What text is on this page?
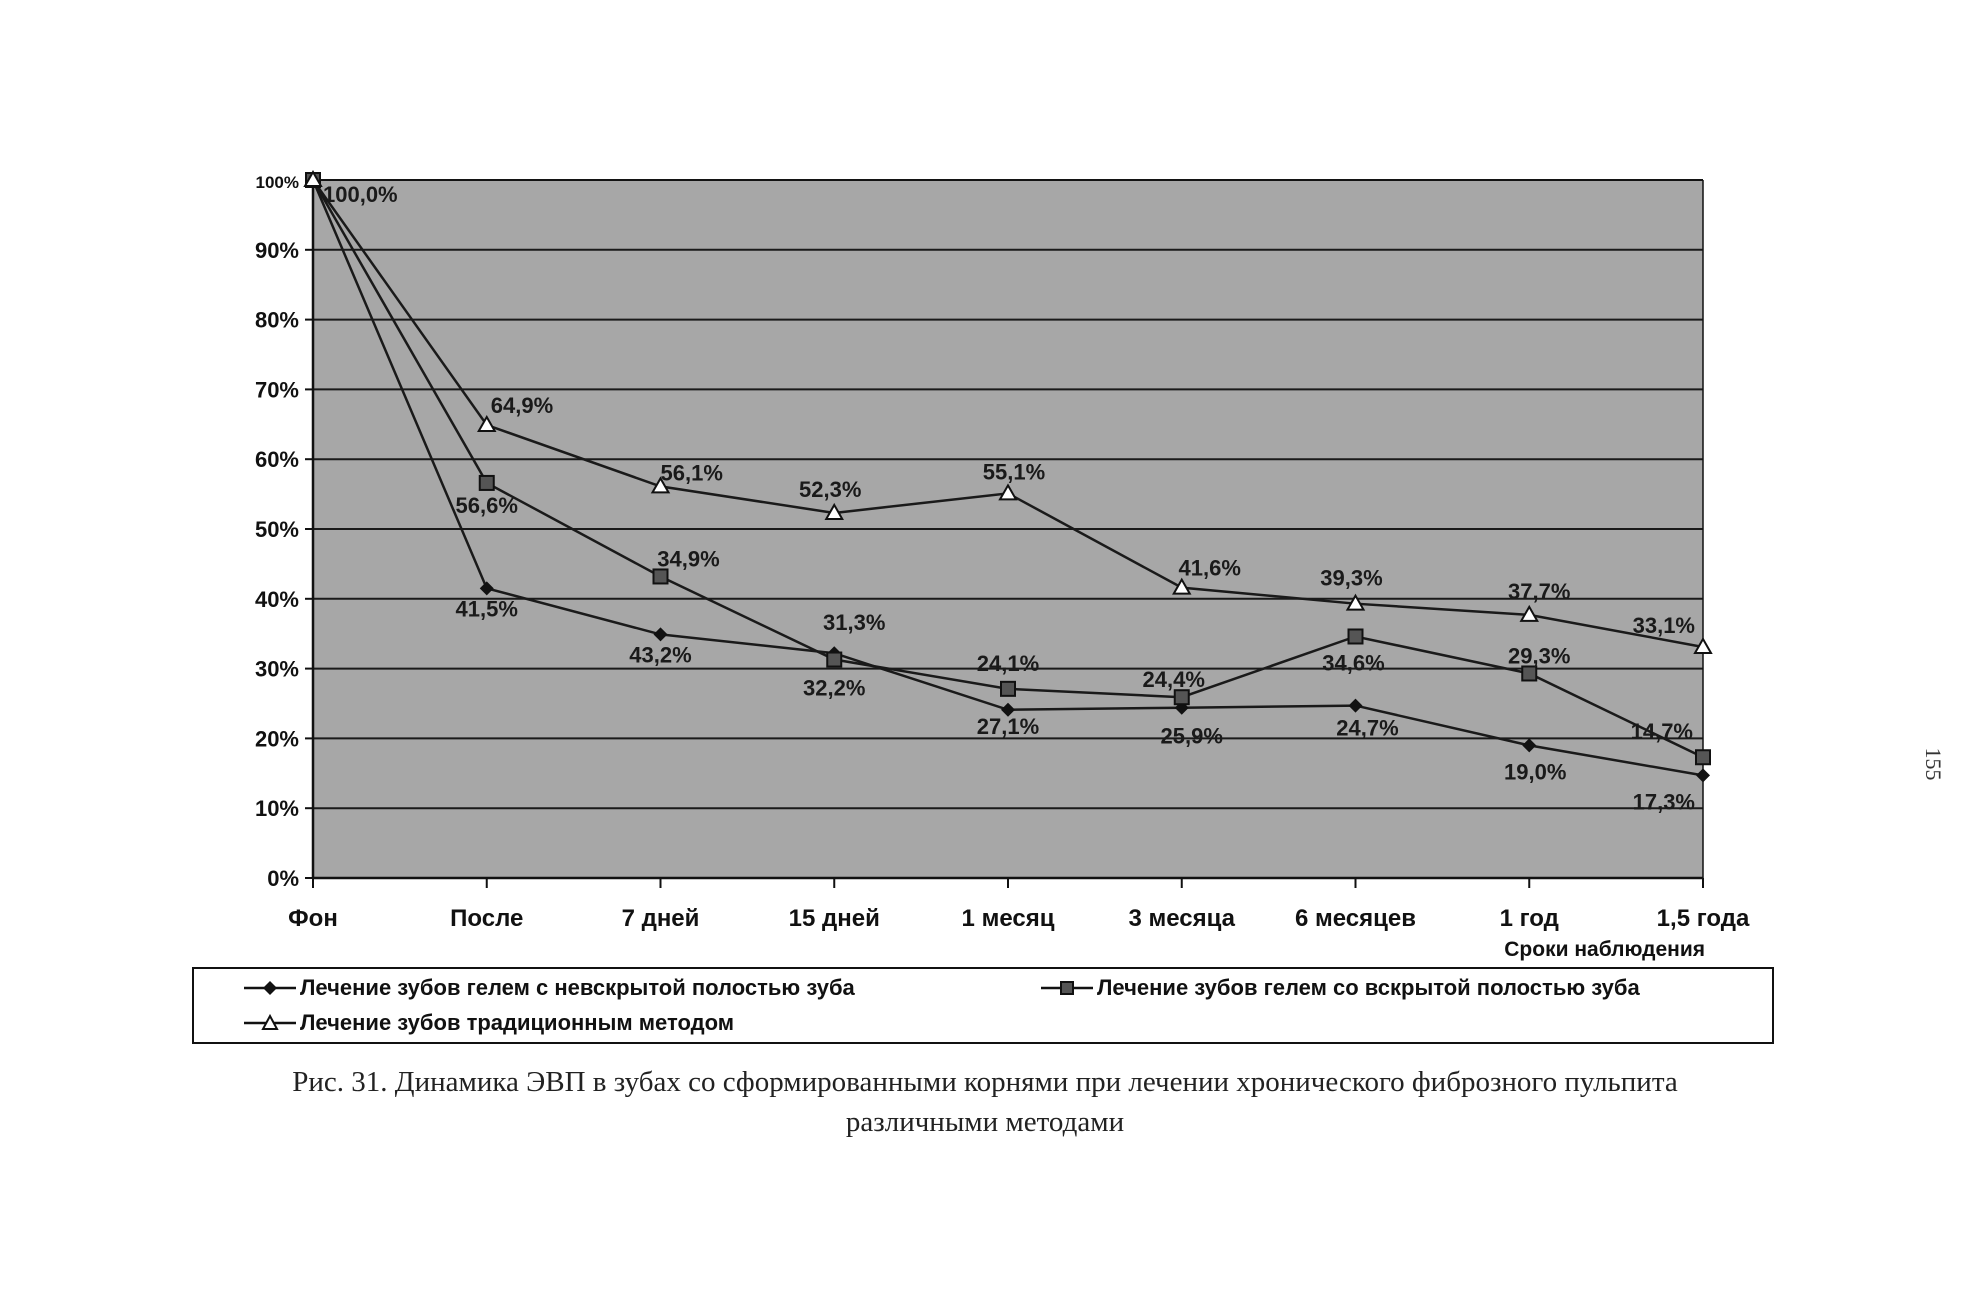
0%
10%
20%
30%
40%
50%
60%
70%
80%
90%
100%
Фон	После	7 дней	15 дней	1 месяц	3 месяца 6 месяцев	1 год	1,5 года
41,5%
43,2%
27,1%	25,9%	24,7%
19,0%
17,3%
100,0%
56,6%
34,9%
32,2%
24,1%
24,4%
34,6%	29,3%
14,7%
64,9%
56,1%
52,3%
55,1%
41,6%	39,3%
37,7%
33,1%
31,3%
Сроки наблюдения
Лечение зубов гелем с невскрытой полостью зуба	Лечение зубов гелем со вскрытой полостью зуба
Лечение зубов традиционным методом
Рис. 31. Динамика ЭВП в зубах со сформированными корнями при лечении хронического фиброзного пульпита
различными методами
155
